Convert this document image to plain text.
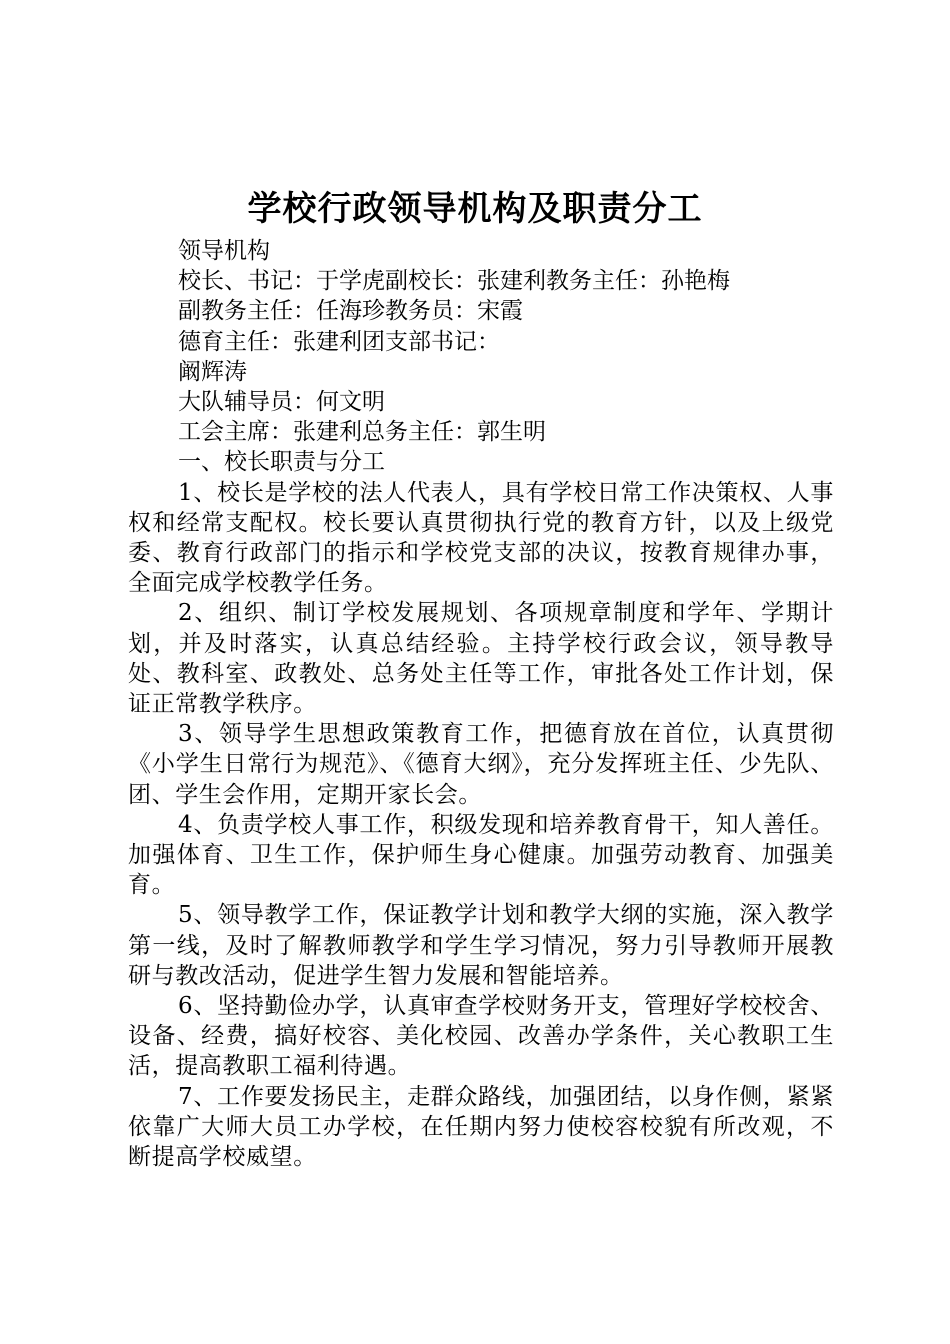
学校行政领导机构及职责分工

领导机构

校长、书记：于学虎副校长：张建利教务主任：孙艳梅

副教务主任：任海珍教务员：宋霞

德育主任：张建利团支部书记：

阚辉涛

大队辅导员：何文明

工会主席：张建利总务主任：郭生明

一、校长职责与分工

1、校长是学校的法人代表人，具有学校日常工作决策权、人事权和经常支配权。校长要认真贯彻执行党的教育方针，以及上级党委、教育行政部门的指示和学校党支部的决议，按教育规律办事，全面完成学校教学任务。

2、组织、制订学校发展规划、各项规章制度和学年、学期计划，并及时落实，认真总结经验。主持学校行政会议，领导教导处、教科室、政教处、总务处主任等工作，审批各处工作计划，保证正常教学秩序。

3、领导学生思想政策教育工作，把德育放在首位，认真贯彻《小学生日常行为规范》、《德育大纲》，充分发挥班主任、少先队、团、学生会作用，定期开家长会。

4、负责学校人事工作，积级发现和培养教育骨干，知人善任。加强体育、卫生工作，保护师生身心健康。加强劳动教育、加强美育。

5、领导教学工作，保证教学计划和教学大纲的实施，深入教学第一线，及时了解教师教学和学生学习情况，努力引导教师开展教研与教改活动，促进学生智力发展和智能培养。

6、坚持勤俭办学，认真审查学校财务开支，管理好学校校舍、设备、经费，搞好校容、美化校园、改善办学条件，关心教职工生活，提高教职工福利待遇。

7、工作要发扬民主，走群众路线，加强团结，以身作侧，紧紧依靠广大师大员工办学校，在任期内努力使校容校貌有所改观，不断提高学校威望。
